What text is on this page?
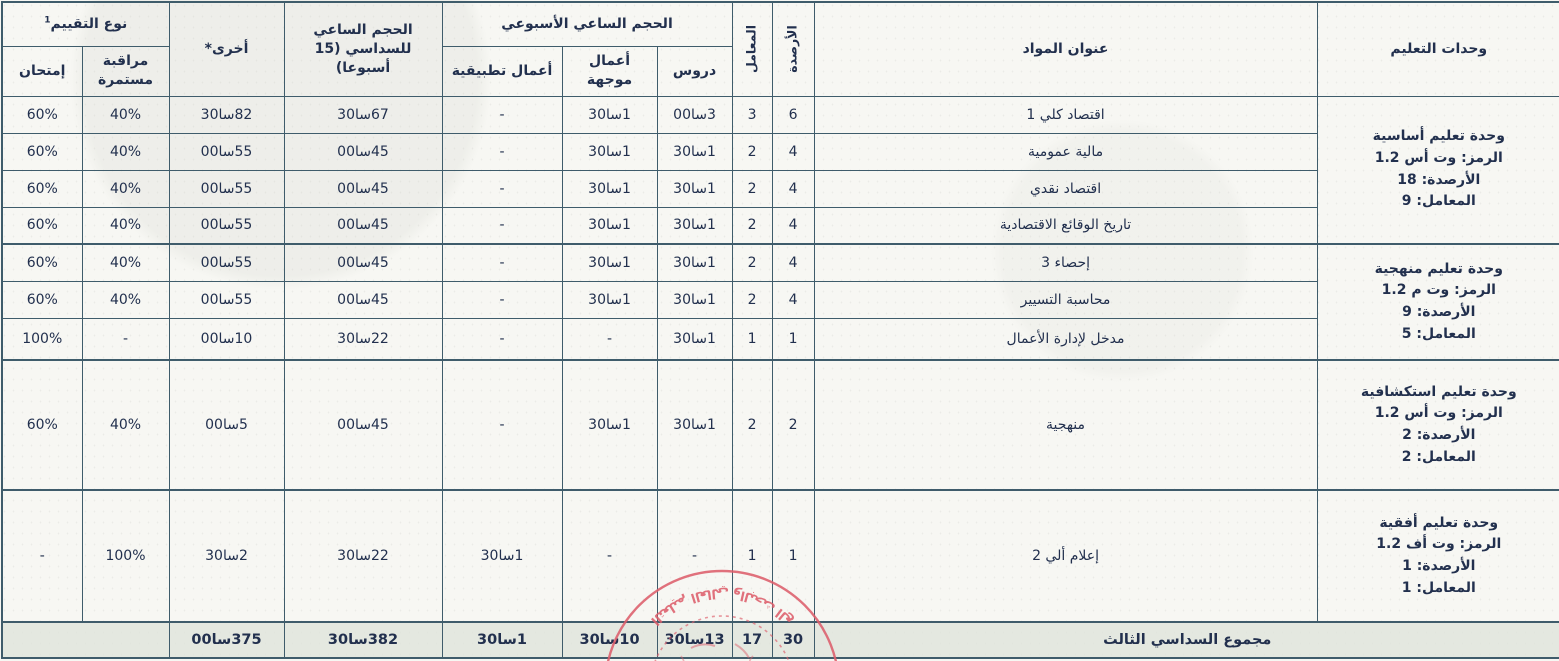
وحدات التعليم	عنوان المواد	الأرصدة	المعامل	الحجم الساعي الأسبوعي			الحجم الساعي للسداسي (15 أسبوعا)	أخرى*	نوع التقييم$^1$
				دروس	أعمال موجهة	أعمال تطبيقية			مراقبة مستمرة	إمتحان

وحدة تعليم أساسية
الرمز: وت أس 1.2
الأرصدة: 18
المعامل: 9	اقتصاد كلي 1	6	3	3سا00	1سا30	-	67سا30	82سا30	40%	60%
	مالية عمومية	4	2	1سا30	1سا30	-	45سا00	55سا00	40%	60%
	اقتصاد نقدي	4	2	1سا30	1سا30	-	45سا00	55سا00	40%	60%
	تاريخ الوقائع الاقتصادية	4	2	1سا30	1سا30	-	45سا00	55سا00	40%	60%

وحدة تعليم منهجية
الرمز: وت م 1.2
الأرصدة: 9
المعامل: 5	إحصاء 3	4	2	1سا30	1سا30	-	45سا00	55سا00	40%	60%
	محاسبة التسيير	4	2	1سا30	1سا30	-	45سا00	55سا00	40%	60%
	مدخل لإدارة الأعمال	1	1	1سا30	-	-	22سا30	10سا00	-	100%

وحدة تعليم استكشافية
الرمز: وت أس 1.2
الأرصدة: 2
المعامل: 2	منهجية	2	2	1سا30	1سا30	-	45سا00	5سا00	40%	60%

وحدة تعليم أفقية
الرمز: وت أف 1.2
الأرصدة: 1
المعامل: 1	إعلام ألي 2	1	1	-	-	1سا30	22سا30	2سا30	100%	-
مجموع السداسي الثالث		30	17	13سا30	10سا30	1سا30	382سا30	375سا00		
التعليم العالي والبحث الع
